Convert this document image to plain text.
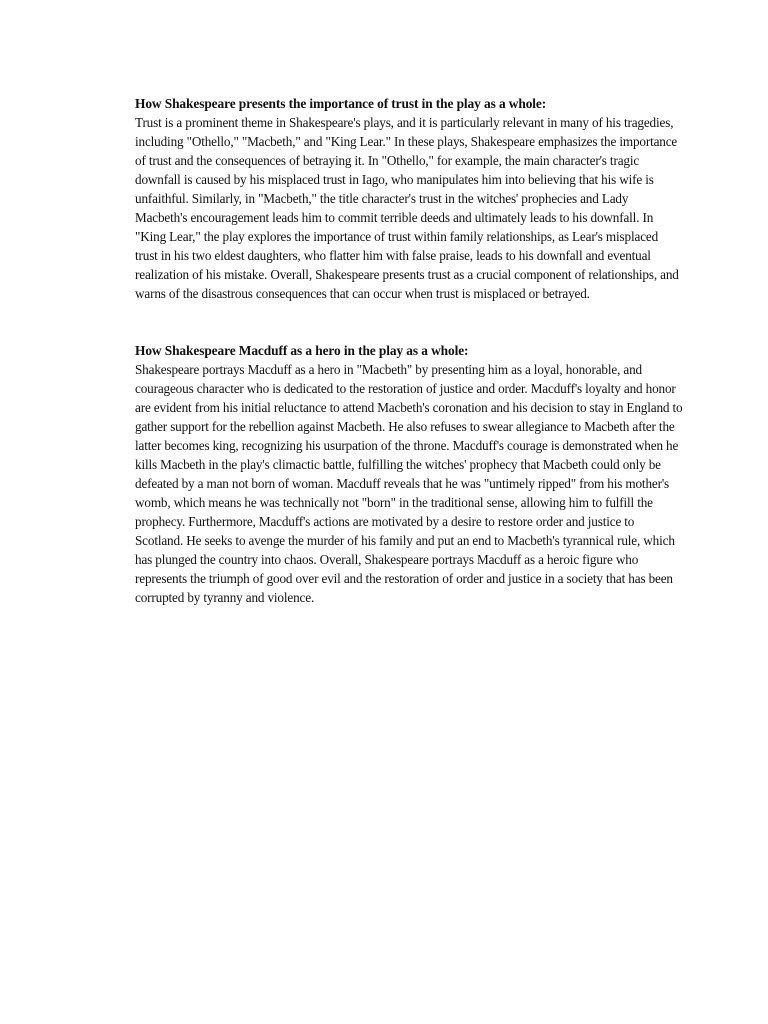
How Shakespeare presents the importance of trust in the play as a whole:

Trust is a prominent theme in Shakespeare's plays, and it is particularly relevant in many of his tragedies, including "Othello," "Macbeth," and "King Lear." In these plays, Shakespeare emphasizes the importance of trust and the consequences of betraying it. In "Othello," for example, the main character's tragic downfall is caused by his misplaced trust in Iago, who manipulates him into believing that his wife is unfaithful. Similarly, in "Macbeth," the title character's trust in the witches' prophecies and Lady Macbeth's encouragement leads him to commit terrible deeds and ultimately leads to his downfall. In "King Lear," the play explores the importance of trust within family relationships, as Lear's misplaced trust in his two eldest daughters, who flatter him with false praise, leads to his downfall and eventual realization of his mistake. Overall, Shakespeare presents trust as a crucial component of relationships, and warns of the disastrous consequences that can occur when trust is misplaced or betrayed.

How Shakespeare Macduff as a hero in the play as a whole:

Shakespeare portrays Macduff as a hero in "Macbeth" by presenting him as a loyal, honorable, and courageous character who is dedicated to the restoration of justice and order. Macduff's loyalty and honor are evident from his initial reluctance to attend Macbeth's coronation and his decision to stay in England to gather support for the rebellion against Macbeth. He also refuses to swear allegiance to Macbeth after the latter becomes king, recognizing his usurpation of the throne. Macduff's courage is demonstrated when he kills Macbeth in the play's climactic battle, fulfilling the witches' prophecy that Macbeth could only be defeated by a man not born of woman. Macduff reveals that he was "untimely ripped" from his mother's womb, which means he was technically not "born" in the traditional sense, allowing him to fulfill the prophecy. Furthermore, Macduff's actions are motivated by a desire to restore order and justice to Scotland. He seeks to avenge the murder of his family and put an end to Macbeth's tyrannical rule, which has plunged the country into chaos. Overall, Shakespeare portrays Macduff as a heroic figure who represents the triumph of good over evil and the restoration of order and justice in a society that has been corrupted by tyranny and violence.
